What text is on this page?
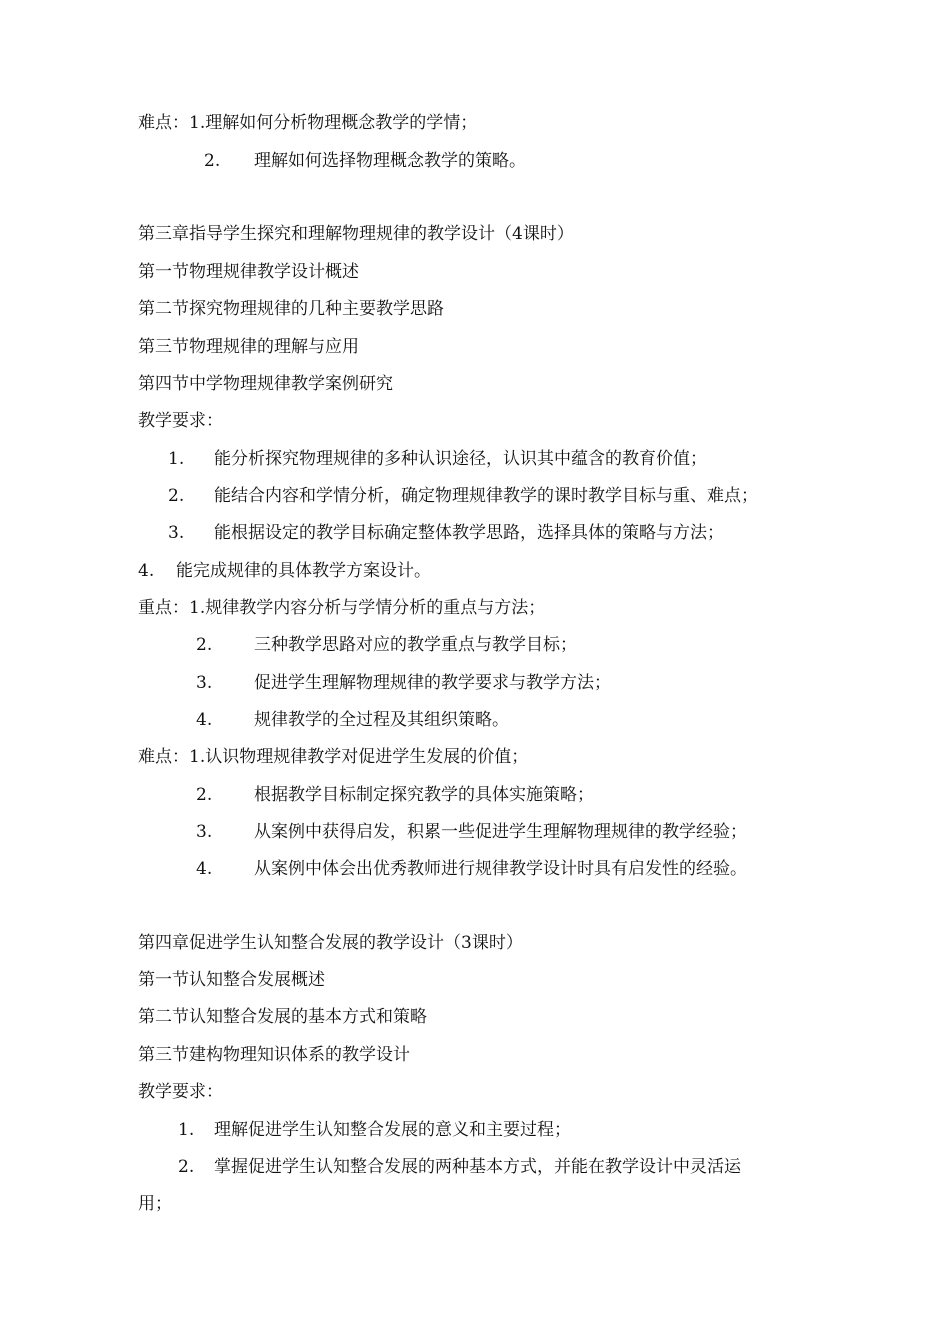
难点：1.理解如何分析物理概念教学的学情；
2. 理解如何选择物理概念教学的策略。
第三章指导学生探究和理解物理规律的教学设计（4课时）
第一节物理规律教学设计概述
第二节探究物理规律的几种主要教学思路
第三节物理规律的理解与应用
第四节中学物理规律教学案例研究
教学要求：
1. 能分析探究物理规律的多种认识途径，认识其中蕴含的教育价值；
2. 能结合内容和学情分析，确定物理规律教学的课时教学目标与重、难点；
3. 能根据设定的教学目标确定整体教学思路，选择具体的策略与方法；
4. 能完成规律的具体教学方案设计。
重点：1.规律教学内容分析与学情分析的重点与方法；
2. 三种教学思路对应的教学重点与教学目标；
3. 促进学生理解物理规律的教学要求与教学方法；
4. 规律教学的全过程及其组织策略。
难点：1.认识物理规律教学对促进学生发展的价值；
2. 根据教学目标制定探究教学的具体实施策略；
3. 从案例中获得启发，积累一些促进学生理解物理规律的教学经验；
4. 从案例中体会出优秀教师进行规律教学设计时具有启发性的经验。
第四章促进学生认知整合发展的教学设计（3课时）
第一节认知整合发展概述
第二节认知整合发展的基本方式和策略
第三节建构物理知识体系的教学设计
教学要求：
1. 理解促进学生认知整合发展的意义和主要过程；
2. 掌握促进学生认知整合发展的两种基本方式，并能在教学设计中灵活运
用；
